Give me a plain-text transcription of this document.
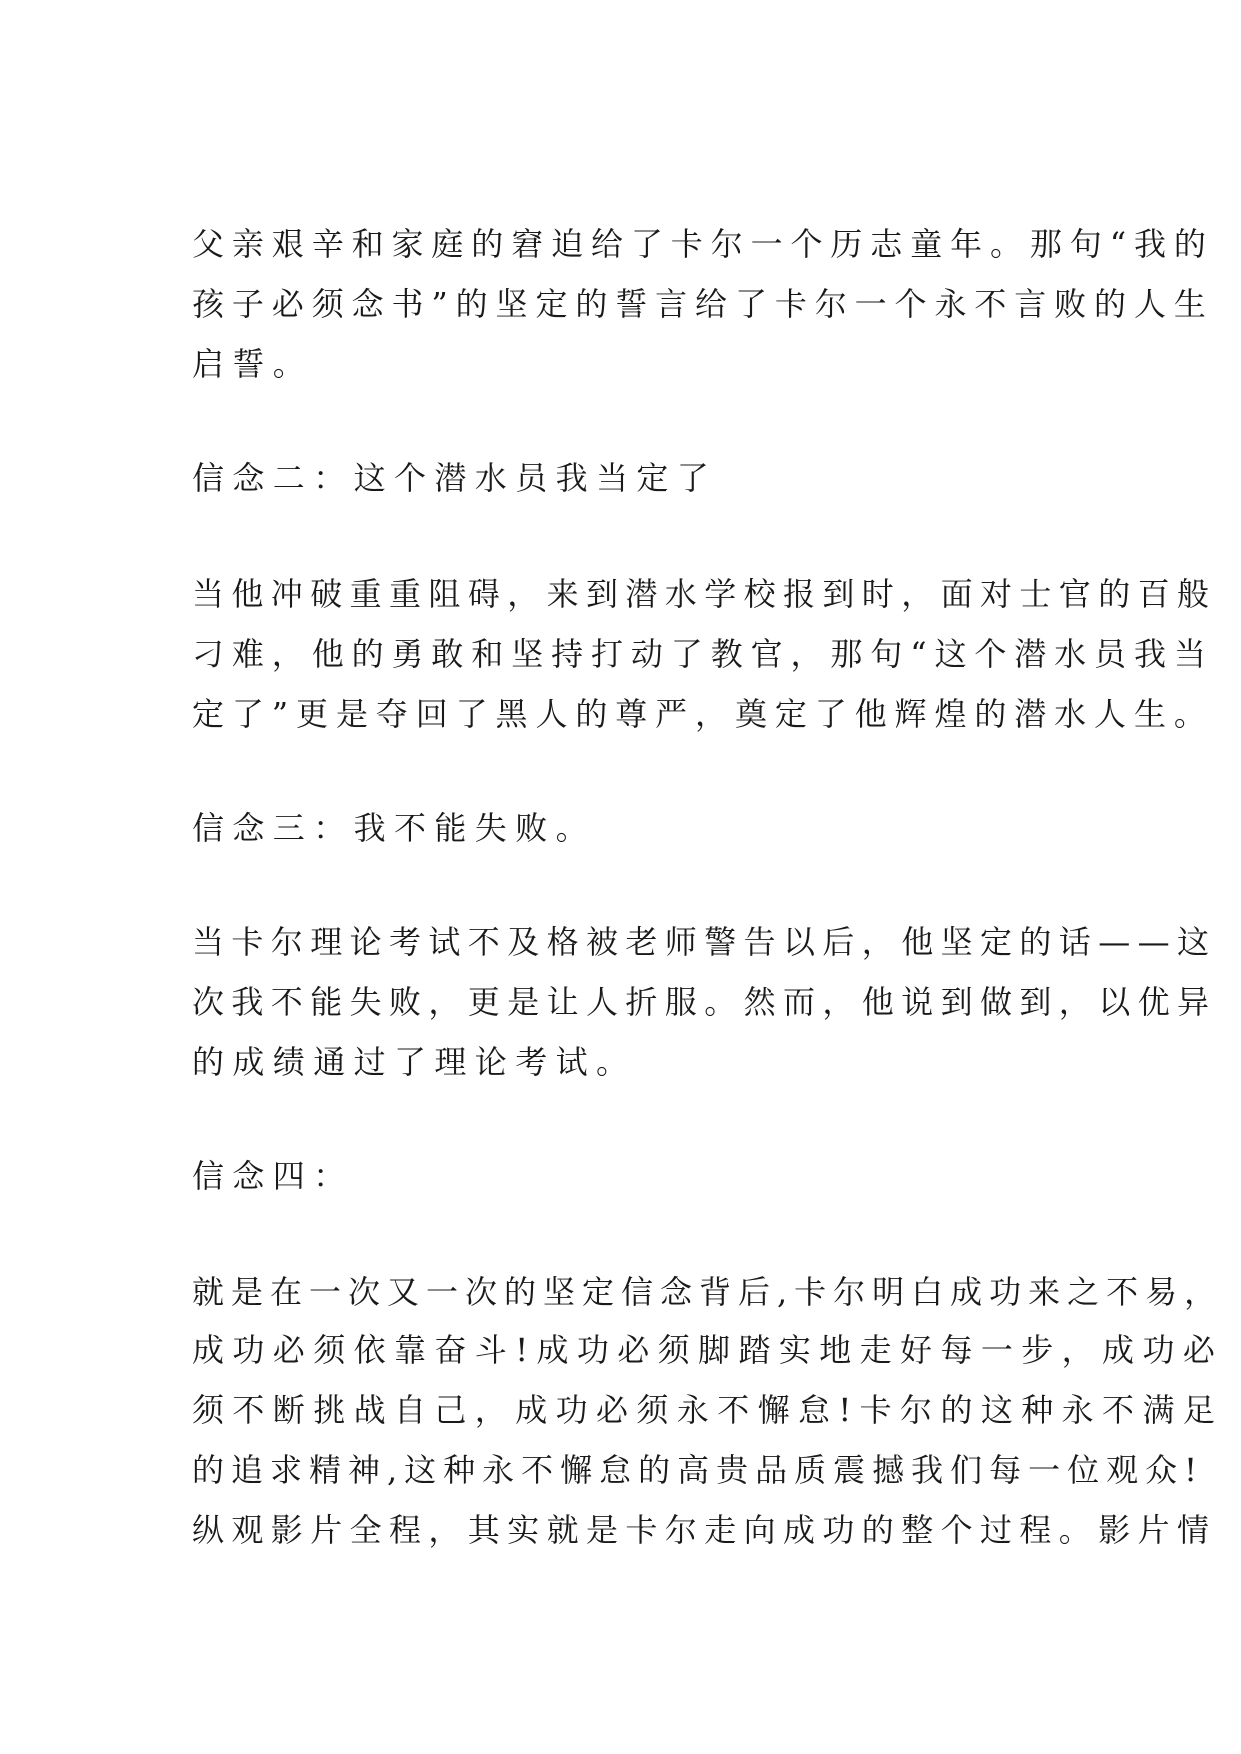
父亲艰辛和家庭的窘迫给了卡尔一个历志童年。那句“我的

孩子必须念书”的坚定的誓言给了卡尔一个永不言败的人生

启誓。

信念二：这个潜水员我当定了

当他冲破重重阻碍，来到潜水学校报到时，面对士官的百般

刁难，他的勇敢和坚持打动了教官，那句“这个潜水员我当

定了”更是夺回了黑人的尊严，奠定了他辉煌的潜水人生。

信念三：我不能失败。

当卡尔理论考试不及格被老师警告以后，他坚定的话——这

次我不能失败，更是让人折服。然而，他说到做到，以优异

的成绩通过了理论考试。

信念四：

就是在一次又一次的坚定信念背后,卡尔明白成功来之不易，

成功必须依靠奋斗!成功必须脚踏实地走好每一步，成功必

须不断挑战自己，成功必须永不懈怠!卡尔的这种永不满足

的追求精神,这种永不懈怠的高贵品质震撼我们每一位观众!

纵观影片全程，其实就是卡尔走向成功的整个过程。影片情
